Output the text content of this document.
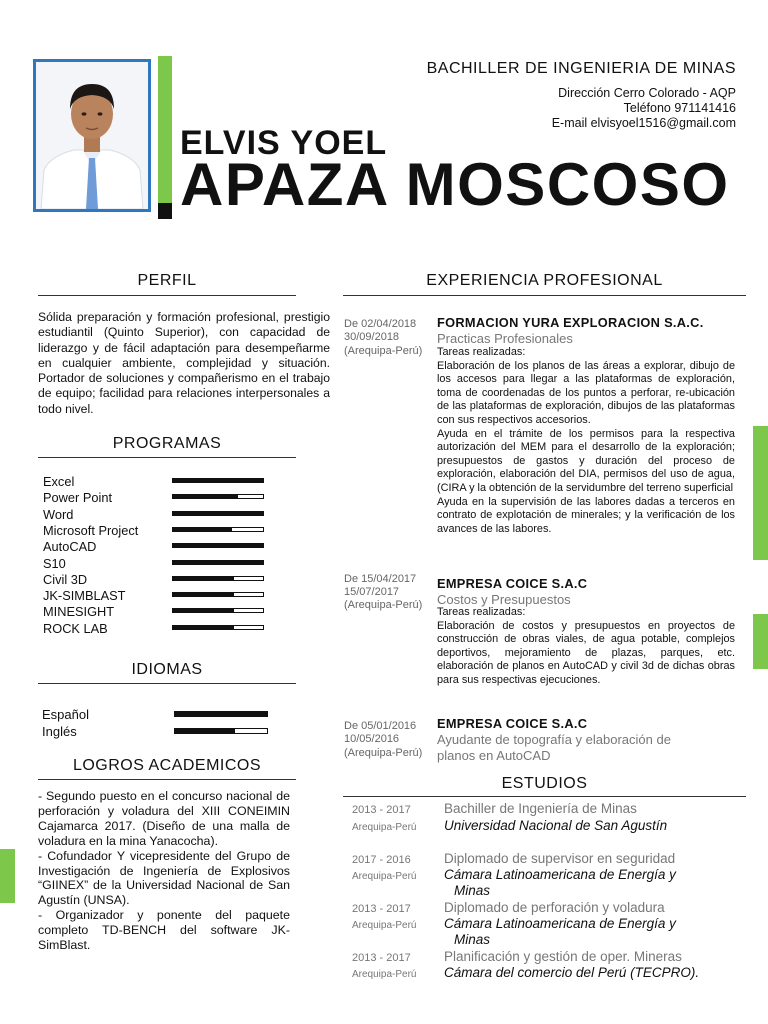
BACHILLER DE INGENIERIA DE MINAS
Dirección Cerro Colorado - AQP
Teléfono 971141416
E-mail elvisyoel1516@gmail.com
ELVIS YOEL
APAZA MOSCOSO
PERFIL
Sólida preparación y formación profesional, prestigio estudiantil (Quinto Superior), con capacidad de liderazgo y de fácil adaptación para desempeñarme en cualquier ambiente, complejidad y situación. Portador de soluciones y compañerismo en el trabajo de equipo; facilidad para relaciones interpersonales a todo nivel.
PROGRAMAS
Excel
Power Point
Word
Microsoft Project
AutoCAD
S10
Civil 3D
JK-SIMBLAST
MINESIGHT
ROCK LAB
IDIOMAS
Español
Inglés
LOGROS ACADEMICOS

- Segundo puesto en el concurso nacional de perforación y voladura del XIII CONEIMIN Cajamarca 2017. (Diseño de una malla de voladura en la mina Yanacocha).

- Cofundador Y vicepresidente del Grupo de Investigación de Ingeniería de Explosivos “GIINEX” de la Universidad Nacional de San Agustín (UNSA).

- Organizador y ponente del paquete completo TD-BENCH del software JK-SimBlast.

EXPERIENCIA PROFESIONAL
De 02/04/2018
30/09/2018
(Arequipa-Perú)
FORMACION YURA EXPLORACION S.A.C.
Practicas Profesionales

Tareas realizadas:

Elaboración de los planos de las áreas a explorar, dibujo de los accesos para llegar a las plataformas de exploración, toma de coordenadas de los puntos a perforar, re-ubicación de las plataformas de exploración, dibujos de las plataformas con sus respectivos accesorios.

Ayuda en el trámite de los permisos para la respectiva autorización del MEM para el desarrollo de la exploración; presupuestos de gastos y duración del proceso de exploración, elaboración del DIA, permisos del uso de agua, (CIRA y la obtención de la servidumbre del terreno superficial

Ayuda en la supervisión de las labores dadas a terceros en contrato de explotación de minerales; y la verificación de los avances de las labores.

De 15/04/2017
15/07/2017
(Arequipa-Perú)
EMPRESA COICE S.A.C
Costos y Presupuestos

Tareas realizadas:

Elaboración de costos y presupuestos en proyectos de construcción de obras viales, de agua potable, complejos deportivos, mejoramiento de plazas, parques, etc. elaboración de planos en AutoCAD y civil 3d de dichas obras para sus respectivas ejecuciones.

De 05/01/2016
10/05/2016
(Arequipa-Perú)
EMPRESA COICE S.A.C
Ayudante de topografía y elaboración de
planos en AutoCAD
ESTUDIOS
2013 - 2017
Arequipa-Perú
Bachiller de Ingeniería de Minas
Universidad Nacional de San Agustín
2017 - 2016
Arequipa-Perú
Diplomado de supervisor en seguridad
Cámara Latinoamericana de Energía y
Minas
2013 - 2017
Arequipa-Perú
Diplomado de perforación y voladura
Cámara Latinoamericana de Energía y
Minas
2013 - 2017
Arequipa-Perú
Planificación y gestión de oper. Mineras
Cámara del comercio del Perú (TECPRO).
